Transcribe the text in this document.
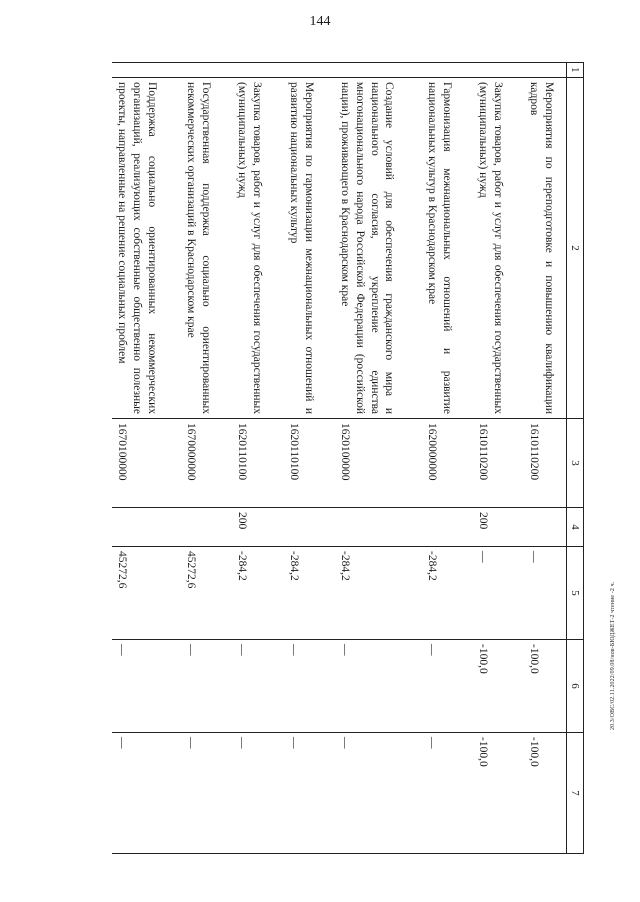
144
20.3/ОВС/02.11.2022/09.08/нов-БЮДЖЕТ-2 чтение -2 ч.
1	2	3	4	5	6	7
	Мероприятия по переподготовке и повышению квалификации кадров	1610110200		—	-100,0	-100,0
	Закупка товаров, работ и услуг для обеспечения государственных (муниципальных) нужд	1610110200	200	—	-100,0	-100,0
	Гармонизация межнациональных отношений и развитие национальных культур в Краснодарском крае	1620000000		-284,2	—	—
	Создание условий для обеспечения гражданского мира и национального согласия, укрепление единства многонационального народа Российской Федерации (российской нации), проживающего в Краснодарском крае	1620100000		-284,2	—	—
	Мероприятия по гармонизации межнациональных отношений и развитию национальных культур	1620110100		-284,2	—	—
	Закупка товаров, работ и услуг для обеспечения государственных (муниципальных) нужд	1620110100	200	-284,2	—	—
	Государственная поддержка социально ориентированных некоммерческих организаций в Краснодарском крае	1670000000		45272,6	—	—
	Поддержка социально ориентированных некоммерческих организаций, реализующих собственные общественно полезные проекты, направленные на решение социальных проблем	1670100000		45272,6	—	—
